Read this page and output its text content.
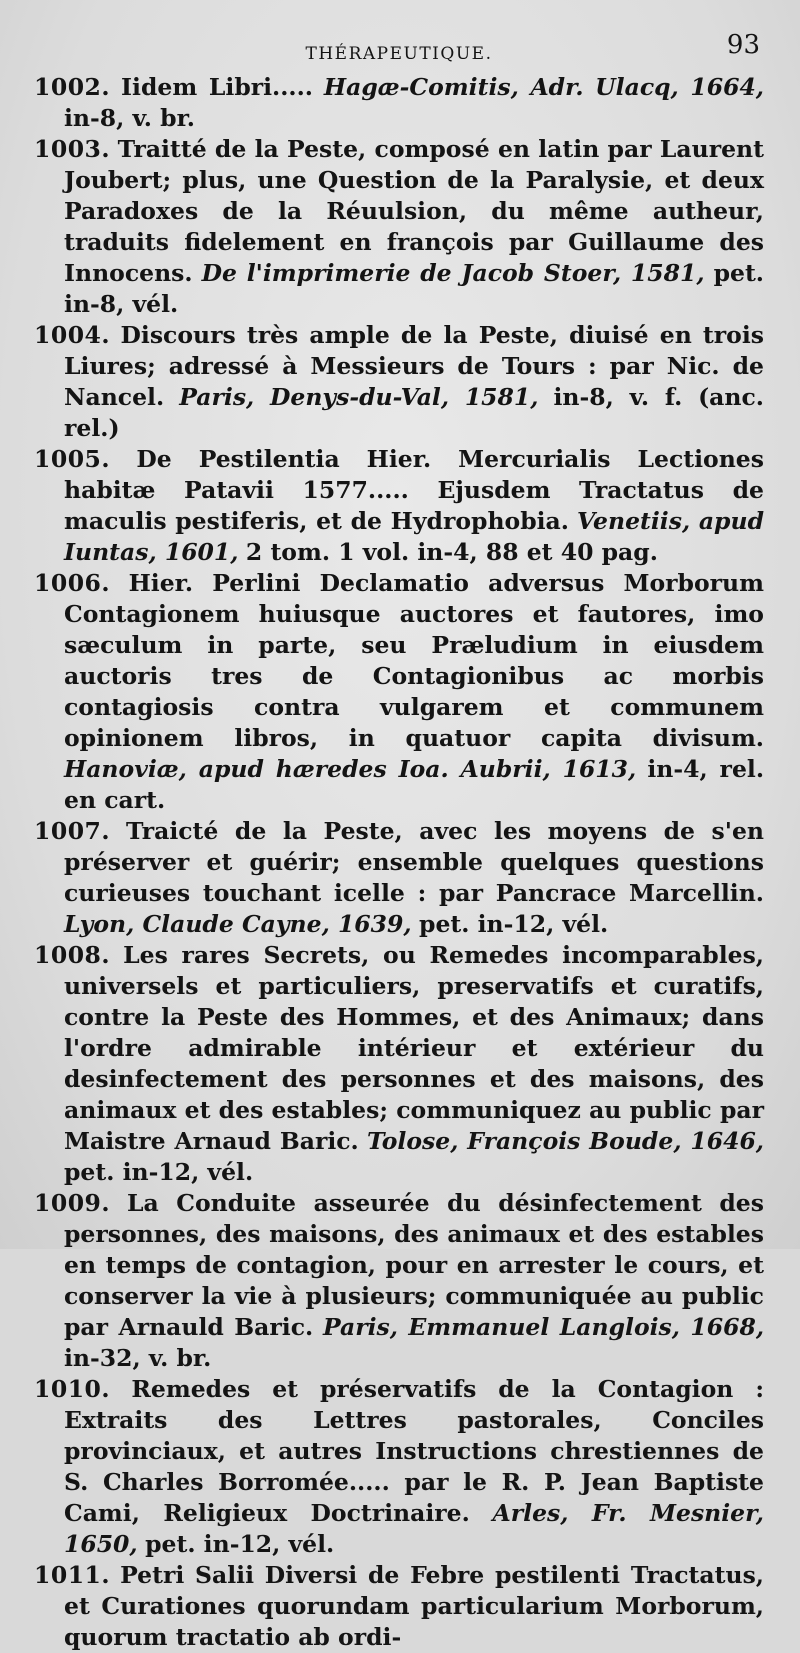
THÉRAPEUTIQUE.	93

1002. Iidem Libri..... Hagæ-Comitis, Adr. Ulacq, 1664, in-8, v. br.

1003. Traitté de la Peste, composé en latin par Laurent Joubert; plus, une Question de la Paralysie, et deux Paradoxes de la Réuulsion, du même autheur, traduits fidelement en françois par Guillaume des Innocens. De l'imprimerie de Jacob Stoer, 1581, pet. in-8, vél.

1004. Discours très ample de la Peste, diuisé en trois Liures; adressé à Messieurs de Tours : par Nic. de Nancel. Paris, Denys-du-Val, 1581, in-8, v. f. (anc. rel.)

1005. De Pestilentia Hier. Mercurialis Lectiones habitæ Patavii 1577..... Ejusdem Tractatus de maculis pestiferis, et de Hydrophobia. Venetiis, apud Iuntas, 1601, 2 tom. 1 vol. in-4, 88 et 40 pag.

1006. Hier. Perlini Declamatio adversus Morborum Contagionem huiusque auctores et fautores, imo sæculum in parte, seu Præludium in eiusdem auctoris tres de Contagionibus ac morbis contagiosis contra vulgarem et communem opinionem libros, in quatuor capita divisum. Hanoviæ, apud hæredes Ioa. Aubrii, 1613, in-4, rel. en cart.

1007. Traicté de la Peste, avec les moyens de s'en préserver et guérir; ensemble quelques questions curieuses touchant icelle : par Pancrace Marcellin. Lyon, Claude Cayne, 1639, pet. in-12, vél.

1008. Les rares Secrets, ou Remedes incomparables, universels et particuliers, preservatifs et curatifs, contre la Peste des Hommes, et des Animaux; dans l'ordre admirable intérieur et extérieur du desinfectement des personnes et des maisons, des animaux et des estables; communiquez au public par Maistre Arnaud Baric. Tolose, François Boude, 1646, pet. in-12, vél.

1009. La Conduite asseurée du désinfectement des personnes, des maisons, des animaux et des estables en temps de contagion, pour en arrester le cours, et conserver la vie à plusieurs; communiquée au public par Arnauld Baric. Paris, Emmanuel Langlois, 1668, in-32, v. br.

1010. Remedes et préservatifs de la Contagion : Extraits des Lettres pastorales, Conciles provinciaux, et autres Instructions chrestiennes de S. Charles Borromée..... par le R. P. Jean Baptiste Cami, Religieux Doctrinaire. Arles, Fr. Mesnier, 1650, pet. in-12, vél.

1011. Petri Salii Diversi de Febre pestilenti Tractatus, et Curationes quorundam particularium Morborum, quorum tractatio ab ordi-
